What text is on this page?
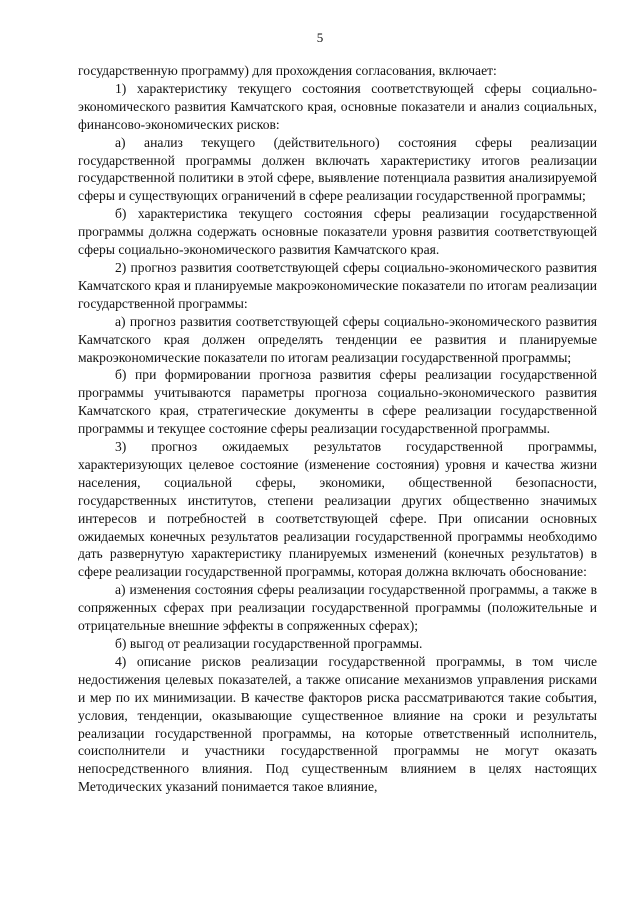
5

государственную программу) для прохождения согласования, включает:

1) характеристику текущего состояния соответствующей сферы социально-экономического развития Камчатского края, основные показатели и анализ социальных, финансово-экономических рисков:

а) анализ текущего (действительного) состояния сферы реализации государственной программы должен включать характеристику итогов реализации государственной политики в этой сфере, выявление потенциала развития анализируемой сферы и существующих ограничений в сфере реализации государственной программы;

б) характеристика текущего состояния сферы реализации государственной программы должна содержать основные показатели уровня развития соответствующей сферы социально-экономического развития Камчатского края.

2) прогноз развития соответствующей сферы социально-экономического развития Камчатского края и планируемые макроэкономические показатели по итогам реализации государственной программы:

а) прогноз развития соответствующей сферы социально-экономического развития Камчатского края должен определять тенденции ее развития и планируемые макроэкономические показатели по итогам реализации государственной программы;

б) при формировании прогноза развития сферы реализации государственной программы учитываются параметры прогноза социально-экономического развития Камчатского края, стратегические документы в сфере реализации государственной программы и текущее состояние сферы реализации государственной программы.

3) прогноз ожидаемых результатов государственной программы, характеризующих целевое состояние (изменение состояния) уровня и качества жизни населения, социальной сферы, экономики, общественной безопасности, государственных институтов, степени реализации других общественно значимых интересов и потребностей в соответствующей сфере. При описании основных ожидаемых конечных результатов реализации государственной программы необходимо дать развернутую характеристику планируемых изменений (конечных результатов) в сфере реализации государственной программы, которая должна включать обоснование:

а) изменения состояния сферы реализации государственной программы, а также в сопряженных сферах при реализации государственной программы (положительные и отрицательные внешние эффекты в сопряженных сферах);

б) выгод от реализации государственной программы.

4) описание рисков реализации государственной программы, в том числе недостижения целевых показателей, а также описание механизмов управления рисками и мер по их минимизации. В качестве факторов риска рассматриваются такие события, условия, тенденции, оказывающие существенное влияние на сроки и результаты реализации государственной программы, на которые ответственный исполнитель, соисполнители и участники государственной программы не могут оказать непосредственного влияния. Под существенным влиянием в целях настоящих Методических указаний понимается такое влияние,
